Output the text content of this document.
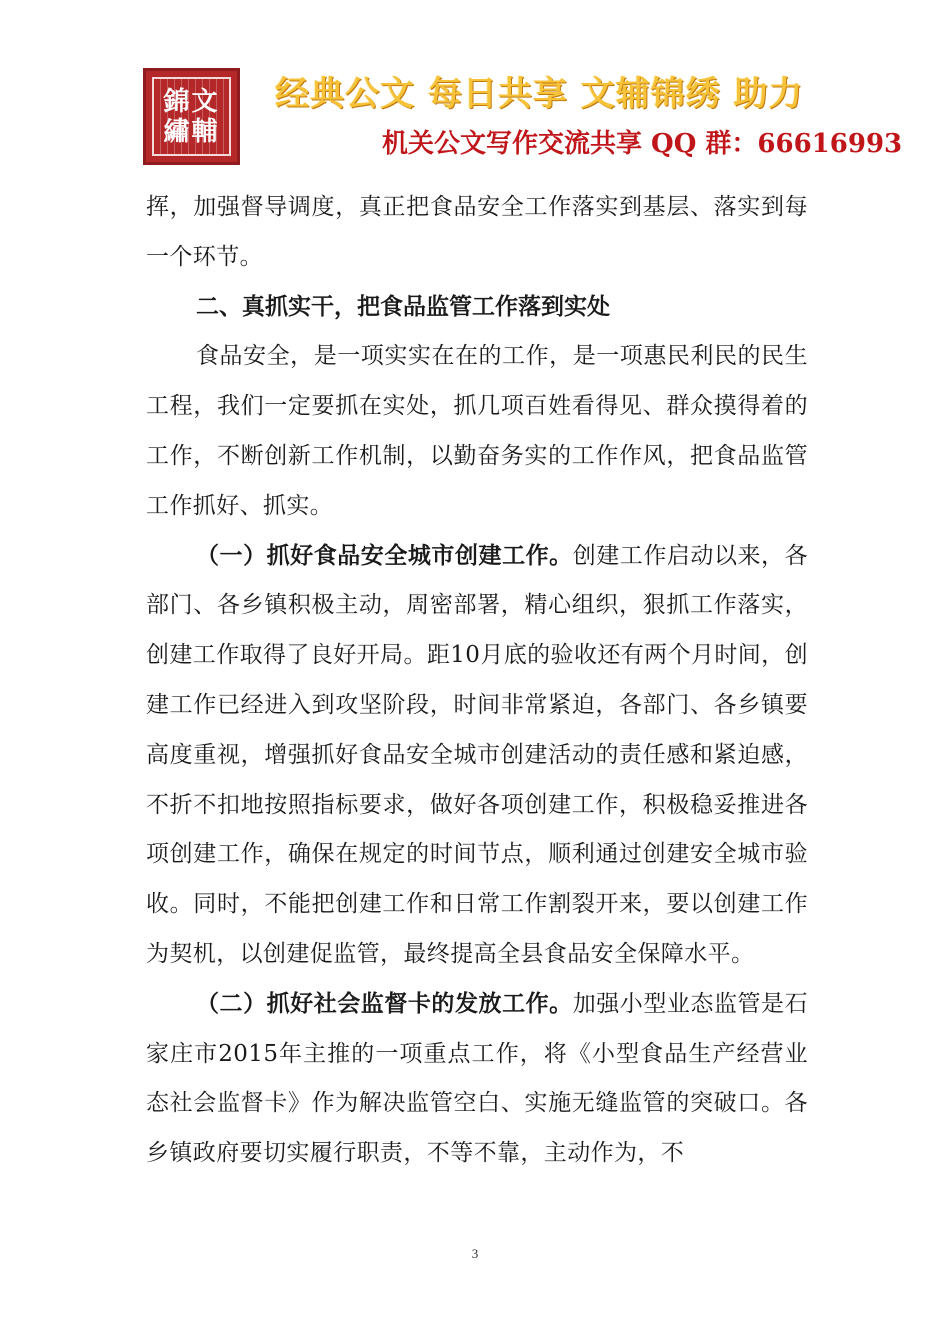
錦文繡輔
经典公文 每日共享 文辅锦绣 助力
机关公文写作交流共享 QQ 群：66616993

挥，加强督导调度，真正把食品安全工作落实到基层、落实到每一个环节。

二、真抓实干，把食品监管工作落到实处

食品安全，是一项实实在在的工作，是一项惠民利民的民生工程，我们一定要抓在实处，抓几项百姓看得见、群众摸得着的工作，不断创新工作机制，以勤奋务实的工作作风，把食品监管工作抓好、抓实。

（一）抓好食品安全城市创建工作。创建工作启动以来，各部门、各乡镇积极主动，周密部署，精心组织，狠抓工作落实，创建工作取得了良好开局。距10月底的验收还有两个月时间，创建工作已经进入到攻坚阶段，时间非常紧迫，各部门、各乡镇要高度重视，增强抓好食品安全城市创建活动的责任感和紧迫感，不折不扣地按照指标要求，做好各项创建工作，积极稳妥推进各项创建工作，确保在规定的时间节点，顺利通过创建安全城市验收。同时，不能把创建工作和日常工作割裂开来，要以创建工作为契机，以创建促监管，最终提高全县食品安全保障水平。

（二）抓好社会监督卡的发放工作。加强小型业态监管是石家庄市2015年主推的一项重点工作，将《小型食品生产经营业态社会监督卡》作为解决监管空白、实施无缝监管的突破口。各乡镇政府要切实履行职责，不等不靠，主动作为，不

3
